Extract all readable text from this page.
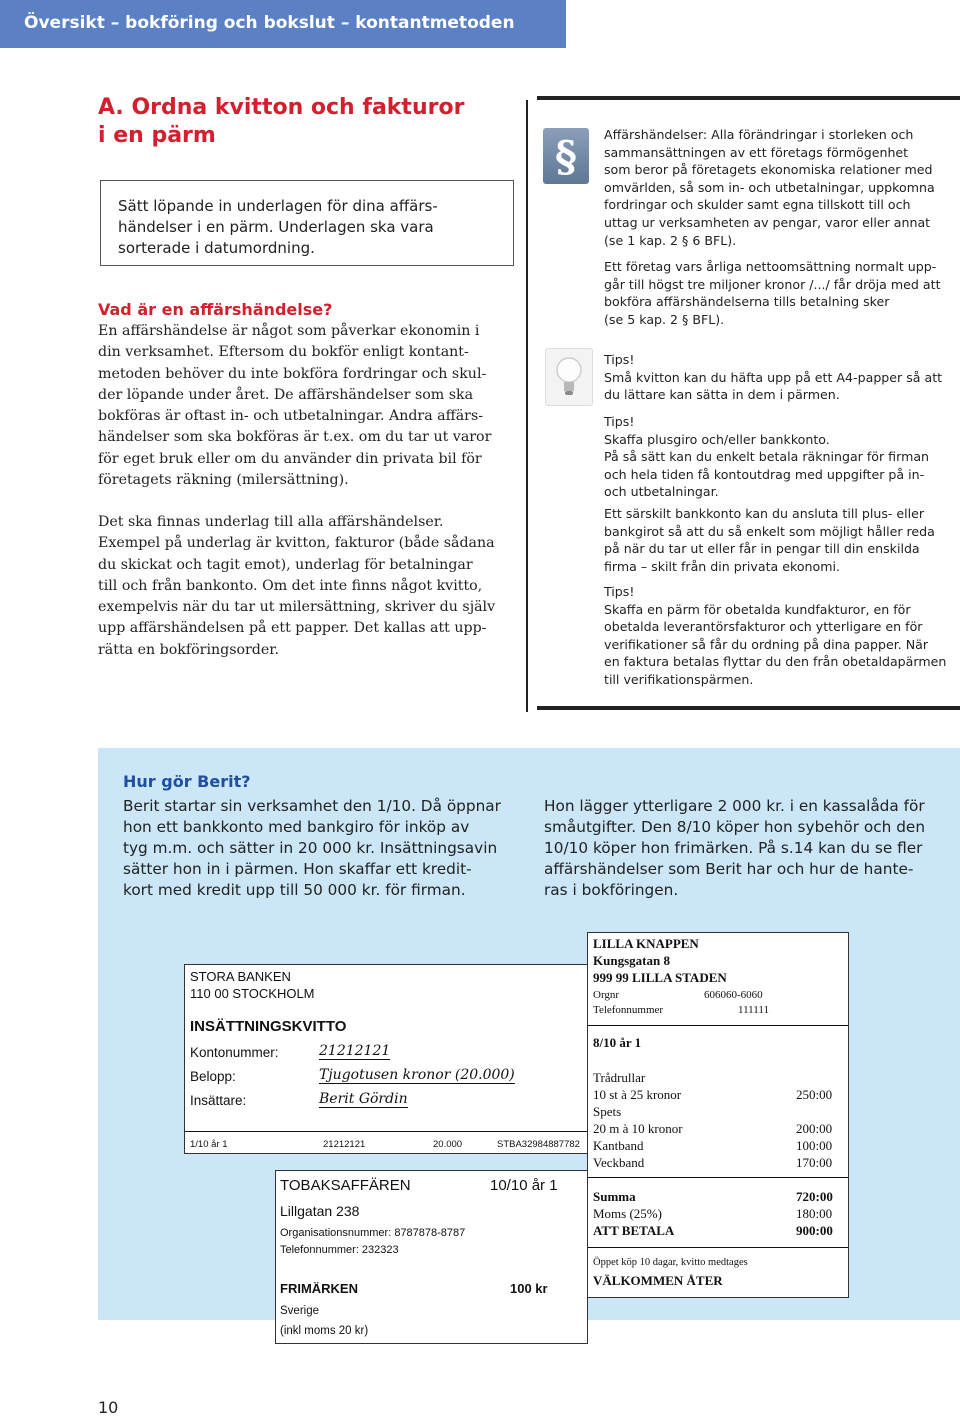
Översikt – bokföring och bokslut – kontantmetoden
A. Ordna kvitton och fakturor
i en pärm
Sätt löpande in underlagen för dina affärs-
händelser i en pärm. Underlagen ska vara
sorterade i datumordning.
Vad är en affärshändelse?
En affärshändelse är något som påverkar ekonomin i
din verksamhet. Eftersom du bokför enligt kontant-
metoden behöver du inte bokföra fordringar och skul-
der löpande under året. De affärshändelser som ska
bokföras är oftast in- och utbetalningar. Andra affärs-
händelser som ska bokföras är t.ex. om du tar ut varor
för eget bruk eller om du använder din privata bil för
företagets räkning (milersättning).
Det ska finnas underlag till alla affärshändelser.
Exempel på underlag är kvitton, fakturor (både sådana
du skickat och tagit emot), underlag för betalningar
till och från bankonto. Om det inte finns något kvitto,
exempelvis när du tar ut milersättning, skriver du själv
upp affärshändelsen på ett papper. Det kallas att upp-
rätta en bokföringsorder.
§	Affärshändelser: Alla förändringar i storleken och
sammansättningen av ett företags förmögenhet
som beror på företagets ekonomiska relationer med
omvärlden, så som in- och utbetalningar, uppkomna
fordringar och skulder samt egna tillskott till och
uttag ur verksamheten av pengar, varor eller annat
(se 1 kap. 2 § 6 BFL).
Ett företag vars årliga nettoomsättning normalt upp-
går till högst tre miljoner kronor /.../ får dröja med att
bokföra affärshändelserna tills betalning sker
(se 5 kap. 2 § BFL).
Tips!
Små kvitton kan du häfta upp på ett A4-papper så att
du lättare kan sätta in dem i pärmen.
Tips!
Skaffa plusgiro och/eller bankkonto.
På så sätt kan du enkelt betala räkningar för firman
och hela tiden få kontoutdrag med uppgifter på in-
och utbetalningar.
Ett särskilt bankkonto kan du ansluta till plus- eller
bankgirot så att du så enkelt som möjligt håller reda
på när du tar ut eller får in pengar till din enskilda
firma – skilt från din privata ekonomi.
Tips!
Skaffa en pärm för obetalda kundfakturor, en för
obetalda leverantörsfakturor och ytterligare en för
verifikationer så får du ordning på dina papper. När
en faktura betalas flyttar du den från obetaldapärmen
till verifikationspärmen.
Hur gör Berit?
Berit startar sin verksamhet den 1/10. Då öppnar
hon ett bankkonto med bankgiro för inköp av
tyg m.m. och sätter in 20 000 kr. Insättningsavin
sätter hon in i pärmen. Hon skaffar ett kredit-
kort med kredit upp till 50 000 kr. för firman.
Hon lägger ytterligare 2 000 kr. i en kassalåda för
småutgifter. Den 8/10 köper hon sybehör och den
10/10 köper hon frimärken. På s.14 kan du se fler
affärshändelser som Berit har och hur de hante-
ras i bokföringen.
STORA BANKEN
110 00 STOCKHOLM
INSÄTTNINGSKVITTO
Kontonummer:	21212121
Belopp:	Tjugotusen kronor (20.000)
Insättare:	Berit Gördin
1/10 år 1	21212121	20.000	STBA32984887782
LILLA KNAPPEN
Kungsgatan 8
999 99 LILLA STADEN
Orgnr	606060-6060
Telefonnummer	111111
8/10 år 1
Trådrullar
10 st à 25 kronor	250:00
Spets
20 m à 10 kronor	200:00
Kantband	100:00
Veckband	170:00
Summa	720:00
Moms (25%)	180:00
ATT BETALA	900:00
Öppet köp 10 dagar, kvitto medtages
VÄLKOMMEN ÅTER
TOBAKSAFFÄREN	10/10 år 1
Lillgatan 238
Organisationsnummer: 8787878-8787
Telefonnummer: 232323
FRIMÄRKEN	100 kr
Sverige
(inkl moms 20 kr)
10
